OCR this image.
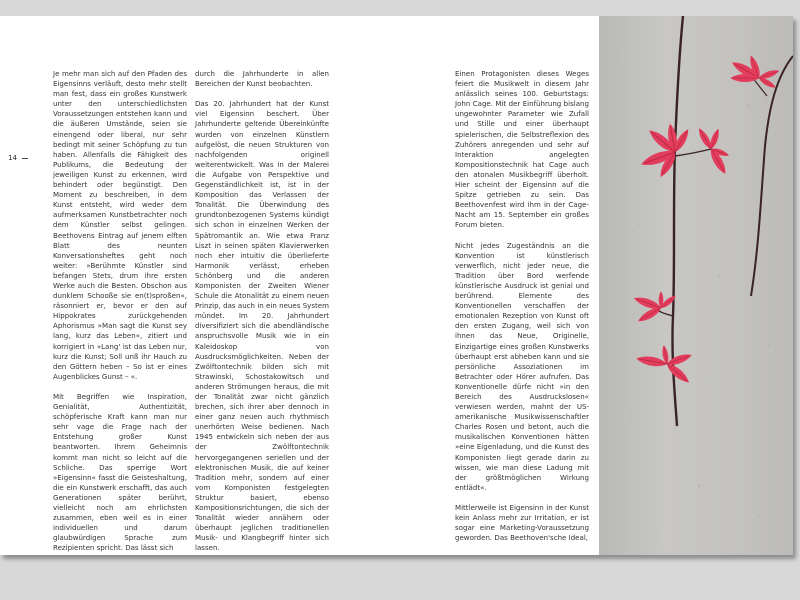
14

Je mehr man sich auf den Pfaden des Eigensinns verläuft, desto mehr stellt man fest, dass ein großes Kunstwerk unter den unterschiedlichsten Voraussetzungen entstehen kann und die äußeren Umstände, seien sie einengend oder liberal, nur sehr bedingt mit seiner Schöpfung zu tun haben. Allenfalls die Fähigkeit des Publikums, die Bedeutung der jeweiligen Kunst zu erkennen, wird behindert oder begünstigt. Den Moment zu beschreiben, in dem Kunst entsteht, wird weder dem aufmerksamen Kunstbetrachter noch dem Künstler selbst gelingen. Beethovens Eintrag auf jenem elften Blatt des neunten Konversationsheftes geht noch weiter: »Berühmte Künstler sind befangen Stets, drum ihre ersten Werke auch die Besten. Obschon aus dunklem Schooße sie en(t)sproßen«, räsonniert er, bevor er den auf Hippokrates zurückgehenden Aphorismus »Man sagt die Kunst sey lang, kurz das Leben«, zitiert und korrigiert in »Lang' ist das Leben nur, kurz die Kunst; Soll unß ihr Hauch zu den Göttern heben – So ist er eines Augenblickes Gunst – «.

Mit Begriffen wie Inspiration, Genialität, Authentizität, schöpferische Kraft kann man nur sehr vage die Frage nach der Entstehung großer Kunst beantworten. Ihrem Geheimnis kommt man nicht so leicht auf die Schliche. Das sperrige Wort »Eigensinn« fasst die Geisteshaltung, die ein Kunstwerk erschafft, das auch Generationen später berührt, vielleicht noch am ehrlichsten zusammen, eben weil es in einer individuellen und darum glaubwürdigen Sprache zum Rezipienten spricht. Das lässt sich

durch die Jahrhunderte in allen Bereichen der Kunst beobachten.

Das 20. Jahrhundert hat der Kunst viel Eigensinn beschert. Über Jahrhunderte geltende Übereinkünfte wurden von einzelnen Künstlern aufgelöst, die neuen Strukturen von nachfolgenden originell weiterentwickelt. Was in der Malerei die Aufgabe von Perspektive und Gegenständlichkeit ist, ist in der Komposition das Verlassen der Tonalität. Die Überwindung des grundtonbezogenen Systems kündigt sich schon in einzelnen Werken der Spätromantik an. Wie etwa Franz Liszt in seinen späten Klavierwerken noch eher intuitiv die überlieferte Harmonik verlässt, erheben Schönberg und die anderen Komponisten der Zweiten Wiener Schule die Atonalität zu einem neuen Prinzip, das auch in ein neues System mündet. Im 20. Jahrhundert diversifiziert sich die abendländische anspruchsvolle Musik wie in ein Kaleidoskop von Ausdrucksmöglichkeiten. Neben der Zwölftontechnik bilden sich mit Strawinski, Schostakowitsch und anderen Strömungen heraus, die mit der Tonalität zwar nicht gänzlich brechen, sich ihrer aber dennoch in einer ganz neuen auch rhythmisch unerhörten Weise bedienen. Nach 1945 entwickeln sich neben der aus der Zwölftontechnik hervorgegangenen seriellen und der elektronischen Musik, die auf keiner Tradition mehr, sondern auf einer vom Komponisten festgelegten Struktur basiert, ebenso Kompositionsrichtungen, die sich der Tonalität wieder annähern oder überhaupt jeglichen traditionellen Musik- und Klangbegriff hinter sich lassen.

Einen Protagonisten dieses Weges feiert die Musikwelt in diesem Jahr anlässlich seines 100. Geburtstags: John Cage. Mit der Einführung bislang ungewohnter Parameter wie Zufall und Stille und einer überhaupt spielerischen, die Selbstreflexion des Zuhörers anregenden und sehr auf Interaktion angelegten Kompositionstechnik hat Cage auch den atonalen Musikbegriff überholt. Hier scheint der Eigensinn auf die Spitze getrieben zu sein. Das Beethovenfest wird ihm in der Cage-Nacht am 15. September ein großes Forum bieten.

Nicht jedes Zugeständnis an die Konvention ist künstlerisch verwerflich, nicht jeder neue, die Tradition über Bord werfende künstlerische Ausdruck ist genial und berührend. Elemente des Konventionellen verschaffen der emotionalen Rezeption von Kunst oft den ersten Zugang, weil sich von ihnen das Neue, Originelle, Einzigartige eines großen Kunstwerks überhaupt erst abheben kann und sie persönliche Assoziationen im Betrachter oder Hörer aufrufen. Das Konventionelle dürfe nicht »in den Bereich des Ausdruckslosen« verwiesen werden, mahnt der US-amerikanische Musikwissenschaftler Charles Rosen und betont, auch die musikalischen Konventionen hätten »eine Eigenladung, und die Kunst des Komponisten liegt gerade darin zu wissen, wie man diese Ladung mit der größtmöglichen Wirkung entlädt«.

Mittlerweile ist Eigensinn in der Kunst kein Anlass mehr zur Irritation, er ist sogar eine Marketing-Voraussetzung geworden. Das Beethoven'sche Ideal,
